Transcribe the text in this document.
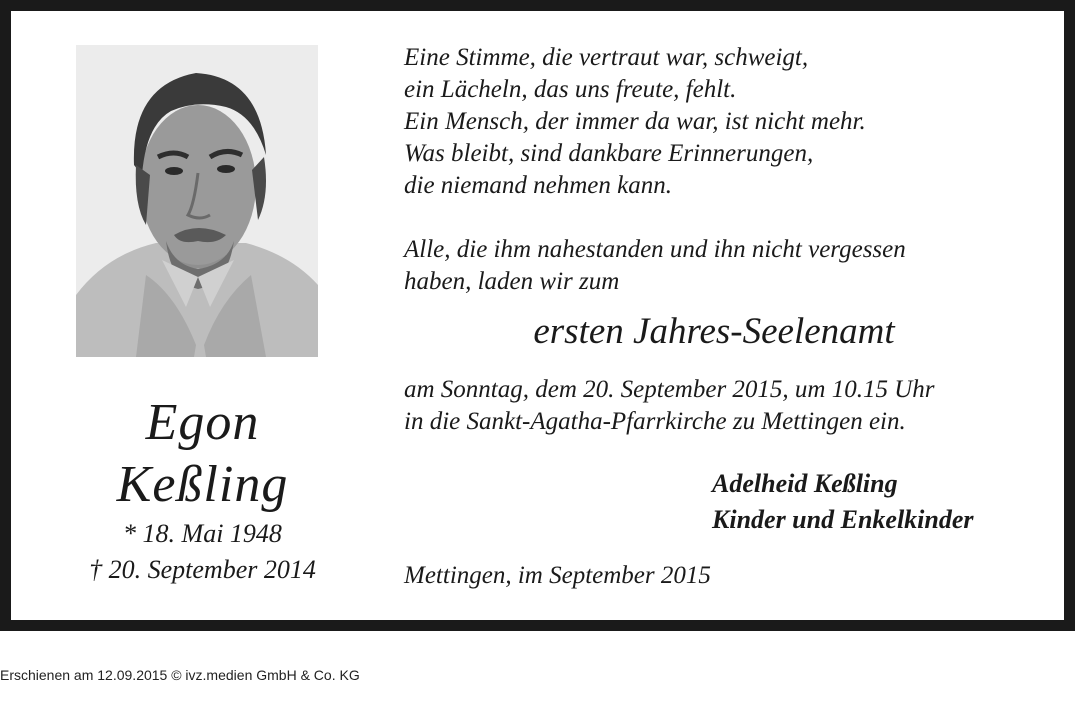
Egon
Keßling
* 18. Mai 1948
† 20. September 2014
Eine Stimme, die vertraut war, schweigt,
ein Lächeln, das uns freute, fehlt.
Ein Mensch, der immer da war, ist nicht mehr.
Was bleibt, sind dankbare Erinnerungen,
die niemand nehmen kann.
Alle, die ihm nahestanden und ihn nicht vergessen
haben, laden wir zum
ersten Jahres-Seelenamt
am Sonntag, dem 20. September 2015, um 10.15 Uhr
in die Sankt-Agatha-Pfarrkirche zu Mettingen ein.
Adelheid Keßling
Kinder und Enkelkinder
Mettingen, im September 2015
Erschienen am 12.09.2015 © ivz.medien GmbH & Co. KG
